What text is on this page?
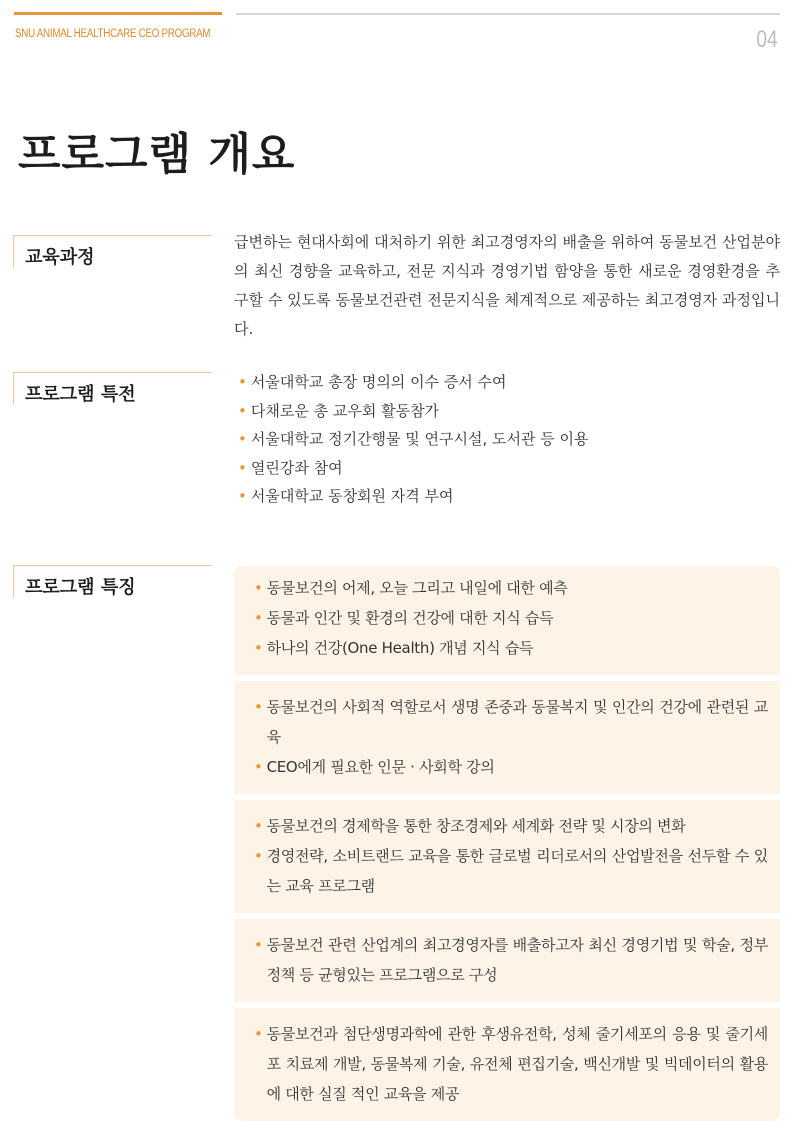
SNU ANIMAL HEALTHCARE CEO PROGRAM	04
프로그램 개요
교육과정
급변하는 현대사회에 대처하기 위한 최고경영자의 배출을 위하여 동물보건 산업분야의 최신 경향을 교육하고, 전문 지식과 경영기법 함양을 통한 새로운 경영환경을 추구할 수 있도록 동물보건관련 전문지식을 체계적으로 제공하는 최고경영자 과정입니다.
프로그램 특전
• 서울대학교 총장 명의의 이수 증서 수여
• 다채로운 총 교우회 활동참가
• 서울대학교 정기간행물 및 연구시설, 도서관 등 이용
• 열린강좌 참여
• 서울대학교 동창회원 자격 부여
프로그램 특징	• 동물보건의 어제, 오늘 그리고 내일에 대한 예측
• 동물과 인간 및 환경의 건강에 대한 지식 습득
• 하나의 건강(One Health) 개념 지식 습득
• 동물보건의 사회적 역할로서 생명 존중과 동물복지 및 인간의 건강에 관련된 교육
• CEO에게 필요한 인문 · 사회학 강의
• 동물보건의 경제학을 통한 창조경제와 세계화 전략 및 시장의 변화
• 경영전략, 소비트랜드 교육을 통한 글로벌 리더로서의 산업발전을 선두할 수 있는 교육 프로그램
• 동물보건 관련 산업계의 최고경영자를 배출하고자 최신 경영기법 및 학술, 정부 정책 등 균형있는 프로그램으로 구성
• 동물보건과 첨단생명과학에 관한 후생유전학, 성체 줄기세포의 응용 및 줄기세포 치료제 개발, 동물복제 기술, 유전체 편집기술, 백신개발 및 빅데이터의 활용에 대한 실질 적인 교육을 제공
